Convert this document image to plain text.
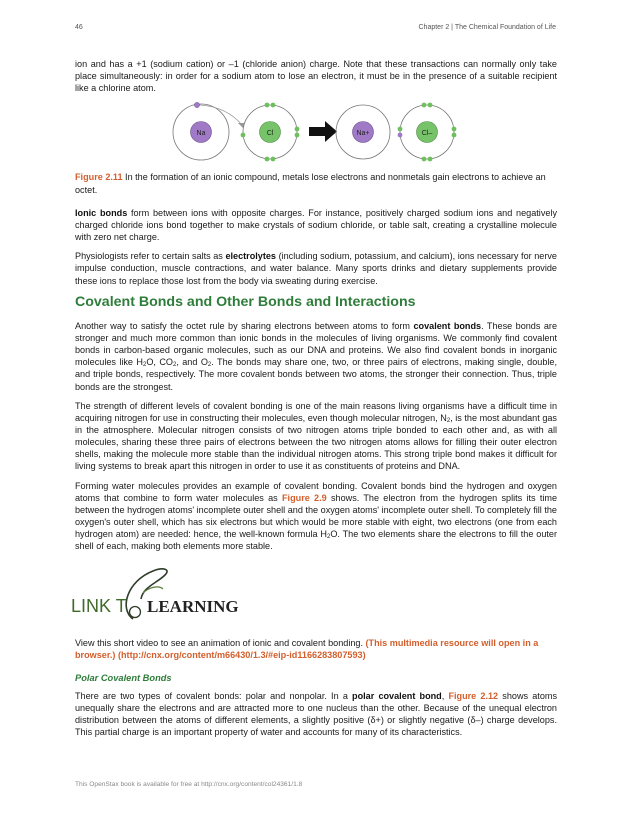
46	Chapter 2 | The Chemical Foundation of Life

ion and has a +1 (sodium cation) or –1 (chloride anion) charge. Note that these transactions can normally only take place simultaneously: in order for a sodium atom to lose an electron, it must be in the presence of a suitable recipient like a chlorine atom.

Na	Cl	Na+	Cl–

Figure 2.11 In the formation of an ionic compound, metals lose electrons and nonmetals gain electrons to achieve an octet.

Ionic bonds form between ions with opposite charges. For instance, positively charged sodium ions and negatively charged chloride ions bond together to make crystals of sodium chloride, or table salt, creating a crystalline molecule with zero net charge.

Physiologists refer to certain salts as electrolytes (including sodium, potassium, and calcium), ions necessary for nerve impulse conduction, muscle contractions, and water balance. Many sports drinks and dietary supplements provide these ions to replace those lost from the body via sweating during exercise.

Covalent Bonds and Other Bonds and Interactions

Another way to satisfy the octet rule by sharing electrons between atoms to form covalent bonds. These bonds are stronger and much more common than ionic bonds in the molecules of living organisms. We commonly find covalent bonds in carbon-based organic molecules, such as our DNA and proteins. We also find covalent bonds in inorganic molecules like $H_2O$, $CO_2$, and $O_2$. The bonds may share one, two, or three pairs of electrons, making single, double, and triple bonds, respectively. The more covalent bonds between two atoms, the stronger their connection. Thus, triple bonds are the strongest.

The strength of different levels of covalent bonding is one of the main reasons living organisms have a difficult time in acquiring nitrogen for use in constructing their molecules, even though molecular nitrogen, $N_2$, is the most abundant gas in the atmosphere. Molecular nitrogen consists of two nitrogen atoms triple bonded to each other and, as with all molecules, sharing these three pairs of electrons between the two nitrogen atoms allows for filling their outer electron shells, making the molecule more stable than the individual nitrogen atoms. This strong triple bond makes it difficult for living systems to break apart this nitrogen in order to use it as constituents of proteins and DNA.

Forming water molecules provides an example of covalent bonding. Covalent bonds bind the hydrogen and oxygen atoms that combine to form water molecules as Figure 2.9 shows. The electron from the hydrogen splits its time between the hydrogen atoms' incomplete outer shell and the oxygen atoms' incomplete outer shell. To completely fill the oxygen's outer shell, which has six electrons but which would be more stable with eight, two electrons (one from each hydrogen atom) are needed: hence, the well-known formula $H_2O$. The two elements share the electrons to fill the outer shell of each, making both elements more stable.

LINK T LEARNING

View this short video to see an animation of ionic and covalent bonding. (This multimedia resource will open in a browser.) (http://cnx.org/content/m66430/1.3/#eip-id1166283807593)

Polar Covalent Bonds

There are two types of covalent bonds: polar and nonpolar. In a polar covalent bond, Figure 2.12 shows atoms unequally share the electrons and are attracted more to one nucleus than the other. Because of the unequal electron distribution between the atoms of different elements, a slightly positive (δ+) or slightly negative (δ–) charge develops. This partial charge is an important property of water and accounts for many of its characteristics.

This OpenStax book is available for free at http://cnx.org/content/col24361/1.8
